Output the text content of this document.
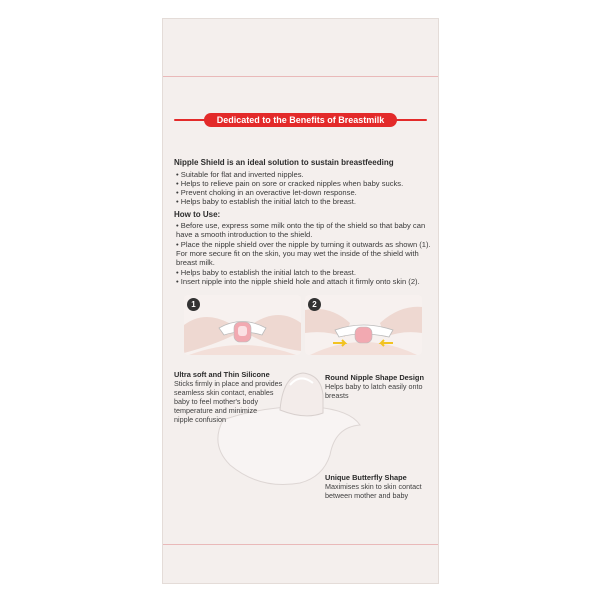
Dedicated to the Benefits of Breastmilk
Nipple Shield is an ideal solution to sustain breastfeeding
• Suitable for flat and inverted nipples.
• Helps to relieve pain on sore or cracked nipples when baby sucks.
• Prevent choking in an overactive let-down response.
• Helps baby to establish the initial latch to the breast.
How to Use:
• Before use, express some milk onto the tip of the shield so that baby can
have a smooth introduction to the shield.
• Place the nipple shield over the nipple by turning it outwards as shown (1).
For more secure fit on the skin, you may wet the inside of the shield with
breast milk.
• Helps baby to establish the initial latch to the breast.
• Insert nipple into the nipple shield hole and attach it firmly onto skin (2).
1	2
Ultra soft and Thin Silicone
Sticks firmly in place and provides
seamless skin contact, enables
baby to feel mother's body
temperature and minimize
nipple confusion
Round Nipple Shape Design
Helps baby to latch easily onto
breasts
Unique Butterfly Shape
Maximises skin to skin contact
between mother and baby
